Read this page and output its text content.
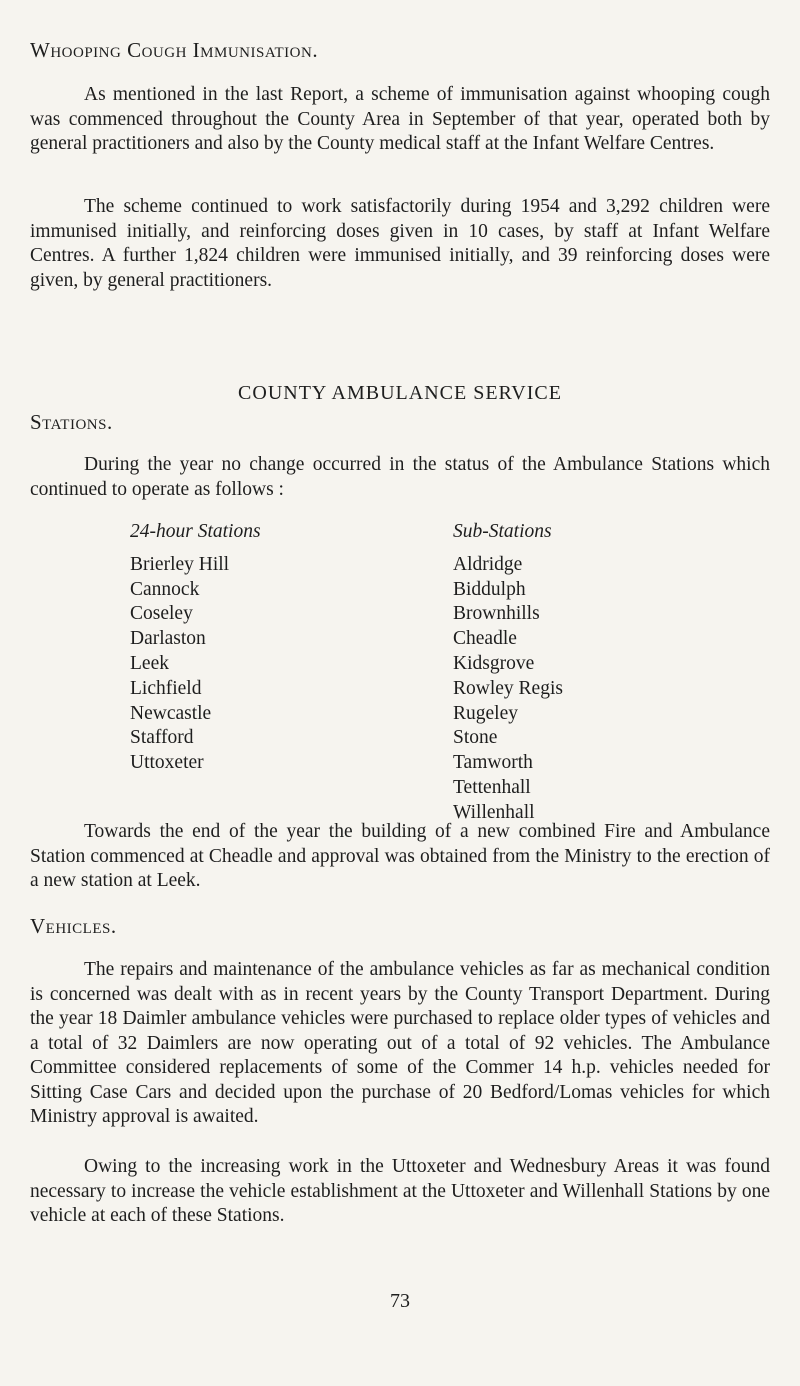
Whooping Cough Immunisation.

As mentioned in the last Report, a scheme of immunisation against whooping cough was commenced throughout the County Area in September of that year, operated both by general practitioners and also by the County medical staff at the Infant Welfare Centres.

The scheme continued to work satisfactorily during 1954 and 3,292 children were immunised initially, and reinforcing doses given in 10 cases, by staff at Infant Welfare Centres. A further 1,824 children were immunised initially, and 39 reinforcing doses were given, by general practitioners.

COUNTY AMBULANCE SERVICE
Stations.

During the year no change occurred in the status of the Ambulance Stations which continued to operate as follows :

24-hour Stations
Brierley Hill
Cannock
Coseley
Darlaston
Leek
Lichfield
Newcastle
Stafford
Uttoxeter
Sub-Stations
Aldridge
Biddulph
Brownhills
Cheadle
Kidsgrove
Rowley Regis
Rugeley
Stone
Tamworth
Tettenhall
Willenhall

Towards the end of the year the building of a new combined Fire and Ambulance Station commenced at Cheadle and approval was obtained from the Ministry to the erection of a new station at Leek.

Vehicles.

The repairs and maintenance of the ambulance vehicles as far as mechanical condition is concerned was dealt with as in recent years by the County Transport Department. During the year 18 Daimler ambulance vehicles were purchased to replace older types of vehicles and a total of 32 Daimlers are now operating out of a total of 92 vehicles. The Ambulance Committee considered replacements of some of the Commer 14 h.p. vehicles needed for Sitting Case Cars and decided upon the purchase of 20 Bedford/Lomas vehicles for which Ministry approval is awaited.

Owing to the increasing work in the Uttoxeter and Wednesbury Areas it was found necessary to increase the vehicle establishment at the Uttoxeter and Willenhall Stations by one vehicle at each of these Stations.

73
